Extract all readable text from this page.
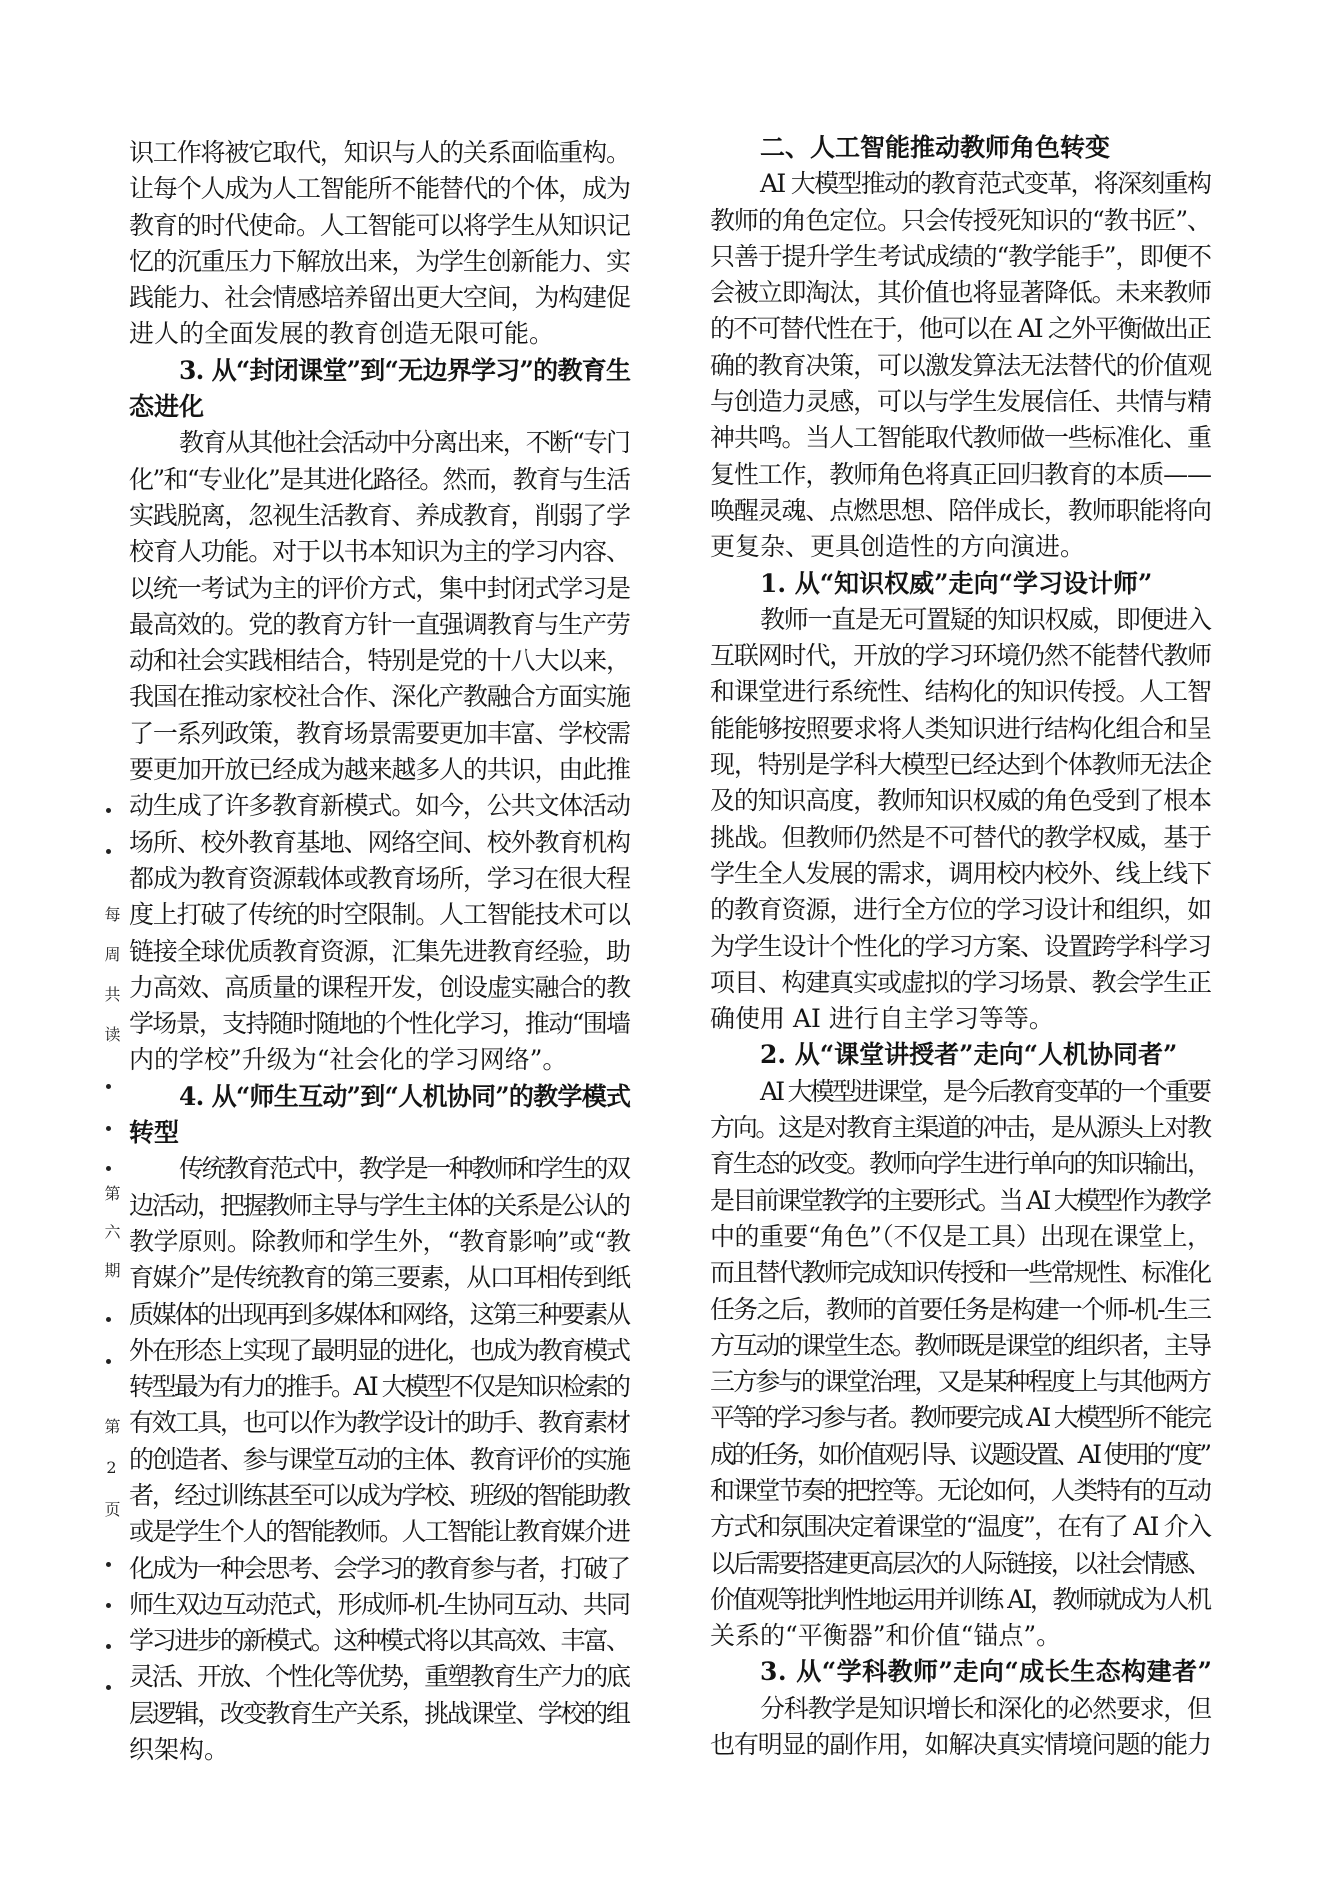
每周共读
第六期
第2页
识工作将被它取代，知识与人的关系面临重构。
让每个人成为人工智能所不能替代的个体，成为
教育的时代使命。人工智能可以将学生从知识记
忆的沉重压力下解放出来，为学生创新能力、实
践能力、社会情感培养留出更大空间，为构建促
进人的全面发展的教育创造无限可能。
3. 从“封闭课堂”到“无边界学习”的教育生
态进化
教育从其他社会活动中分离出来，不断“专门
化”和“专业化”是其进化路径。然而，教育与生活
实践脱离，忽视生活教育、养成教育，削弱了学
校育人功能。对于以书本知识为主的学习内容、
以统一考试为主的评价方式，集中封闭式学习是
最高效的。党的教育方针一直强调教育与生产劳
动和社会实践相结合，特别是党的十八大以来，
我国在推动家校社合作、深化产教融合方面实施
了一系列政策，教育场景需要更加丰富、学校需
要更加开放已经成为越来越多人的共识，由此推
动生成了许多教育新模式。如今，公共文体活动
场所、校外教育基地、网络空间、校外教育机构
都成为教育资源载体或教育场所，学习在很大程
度上打破了传统的时空限制。人工智能技术可以
链接全球优质教育资源，汇集先进教育经验，助
力高效、高质量的课程开发，创设虚实融合的教
学场景，支持随时随地的个性化学习，推动“围墙
内的学校”升级为“社会化的学习网络”。
4. 从“师生互动”到“人机协同”的教学模式
转型
传统教育范式中，教学是一种教师和学生的双
边活动，把握教师主导与学生主体的关系是公认的
教学原则。除教师和学生外，“教育影响”或“教
育媒介”是传统教育的第三要素，从口耳相传到纸
质媒体的出现再到多媒体和网络，这第三种要素从
外在形态上实现了最明显的进化，也成为教育模式
转型最为有力的推手。AI 大模型不仅是知识检索的
有效工具，也可以作为教学设计的助手、教育素材
的创造者、参与课堂互动的主体、教育评价的实施
者，经过训练甚至可以成为学校、班级的智能助教
或是学生个人的智能教师。人工智能让教育媒介进
化成为一种会思考、会学习的教育参与者，打破了
师生双边互动范式，形成师-机-生协同互动、共同
学习进步的新模式。这种模式将以其高效、丰富、
灵活、开放、个性化等优势，重塑教育生产力的底
层逻辑，改变教育生产关系，挑战课堂、学校的组
织架构。
二、人工智能推动教师角色转变
AI 大模型推动的教育范式变革，将深刻重构
教师的角色定位。只会传授死知识的“教书匠”、
只善于提升学生考试成绩的“教学能手”，即便不
会被立即淘汰，其价值也将显著降低。未来教师
的不可替代性在于，他可以在 AI 之外平衡做出正
确的教育决策，可以激发算法无法替代的价值观
与创造力灵感，可以与学生发展信任、共情与精
神共鸣。当人工智能取代教师做一些标准化、重
复性工作，教师角色将真正回归教育的本质——
唤醒灵魂、点燃思想、陪伴成长，教师职能将向
更复杂、更具创造性的方向演进。
1. 从“知识权威”走向“学习设计师”
教师一直是无可置疑的知识权威，即便进入
互联网时代，开放的学习环境仍然不能替代教师
和课堂进行系统性、结构化的知识传授。人工智
能能够按照要求将人类知识进行结构化组合和呈
现，特别是学科大模型已经达到个体教师无法企
及的知识高度，教师知识权威的角色受到了根本
挑战。但教师仍然是不可替代的教学权威，基于
学生全人发展的需求，调用校内校外、线上线下
的教育资源，进行全方位的学习设计和组织，如
为学生设计个性化的学习方案、设置跨学科学习
项目、构建真实或虚拟的学习场景、教会学生正
确使用 AI 进行自主学习等等。
2. 从“课堂讲授者”走向“人机协同者”
AI 大模型进课堂，是今后教育变革的一个重要
方向。这是对教育主渠道的冲击，是从源头上对教
育生态的改变。教师向学生进行单向的知识输出，
是目前课堂教学的主要形式。当 AI 大模型作为教学
中的重要“角色”（不仅是工具）出现在课堂上，
而且替代教师完成知识传授和一些常规性、标准化
任务之后，教师的首要任务是构建一个师-机-生三
方互动的课堂生态。教师既是课堂的组织者，主导
三方参与的课堂治理，又是某种程度上与其他两方
平等的学习参与者。教师要完成 AI 大模型所不能完
成的任务，如价值观引导、议题设置、AI 使用的“度”
和课堂节奏的把控等。无论如何，人类特有的互动
方式和氛围决定着课堂的“温度”，在有了 AI 介入
以后需要搭建更高层次的人际链接，以社会情感、
价值观等批判性地运用并训练 AI，教师就成为人机
关系的“平衡器”和价值“锚点”。
3. 从“学科教师”走向“成长生态构建者”
分科教学是知识增长和深化的必然要求，但
也有明显的副作用，如解决真实情境问题的能力
